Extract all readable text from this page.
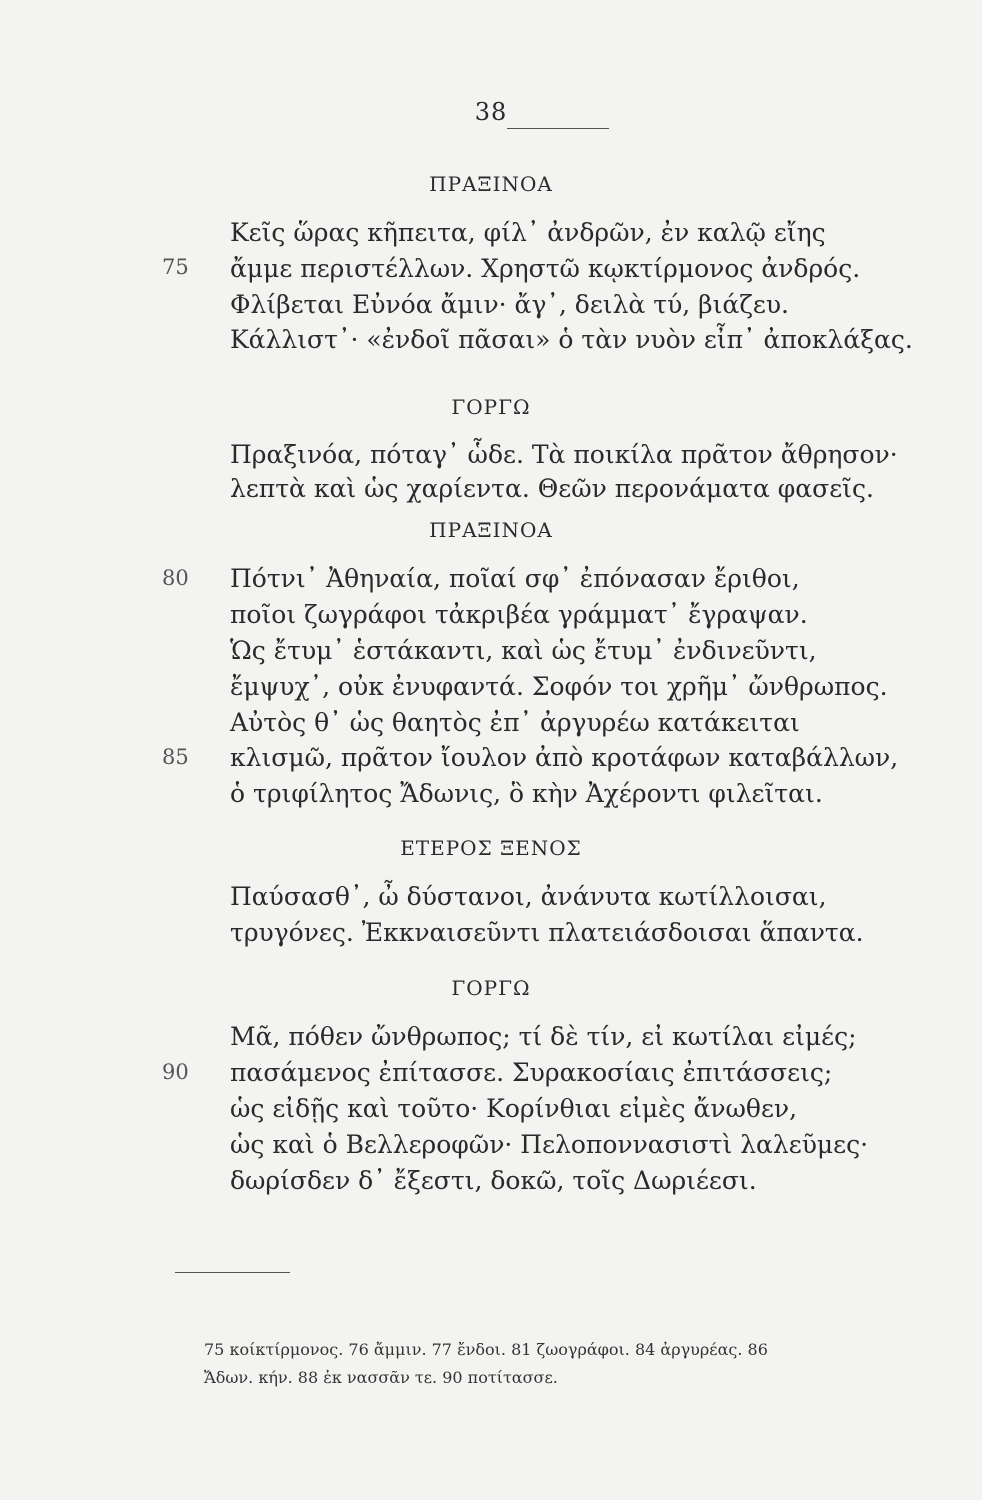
38
ΠΡΑΞΙΝΟΑ
Κεῖς ὥρας κῆπειτα, φίλ᾽ ἀνδρῶν, ἐν καλῷ εἴης
75 ἄμμε περιστέλλων. Χρηστῶ κῳκτίρμονος ἀνδρός.
Φλίβεται Εὐνόα ἄμιν· ἄγ᾽, δειλὰ τύ, βιάζευ.
Κάλλιστ᾽· «ἐνδοῖ πᾶσαι» ὁ τὰν νυὸν εἶπ᾽ ἀποκλάξας.
ΓΟΡΓΩ
Πραξινόα, πόταγ᾽ ὧδε. Τὰ ποικίλα πρᾶτον ἄθρησον·
λεπτὰ καὶ ὡς χαρίεντα. Θεῶν περονάματα φασεῖς.
ΠΡΑΞΙΝΟΑ
80 Πότνι᾽ Ἀθηναία, ποῖαί σφ᾽ ἐπόνασαν ἔριθοι,
ποῖοι ζωγράφοι τἀκριβέα γράμματ᾽ ἔγραψαν.
Ὡς ἔτυμ᾽ ἑστάκαντι, καὶ ὡς ἔτυμ᾽ ἐνδινεῦντι,
ἔμψυχ᾽, οὐκ ἐνυφαντά. Σοφόν τοι χρῆμ᾽ ὤνθρωπος.
Αὐτὸς θ᾽ ὡς θαητὸς ἐπ᾽ ἀργυρέω κατάκειται
85 κλισμῶ, πρᾶτον ἴουλον ἀπὸ κροτάφων καταβάλλων,
ὁ τριφίλητος Ἄδωνις, ὃ κὴν Ἀχέροντι φιλεῖται.
ΕΤΕΡΟΣ ΞΕΝΟΣ
Παύσασθ᾽, ὦ δύστανοι, ἀνάνυτα κωτίλλοισαι,
τρυγόνες. Ἐκκναισεῦντι πλατειάσδοισαι ἅπαντα.
ΓΟΡΓΩ
Μᾶ, πόθεν ὤνθρωπος; τί δὲ τίν, εἰ κωτίλαι εἰμές;
90 πασάμενος ἐπίτασσε. Συρακοσίαις ἐπιτάσσεις;
ὡς εἰδῇς καὶ τοῦτο· Κορίνθιαι εἰμὲς ἄνωθεν,
ὡς καὶ ὁ Βελλεροφῶν· Πελοποννασιστὶ λαλεῦμες·
δωρίσδεν δ᾽ ἔξεστι, δοκῶ, τοῖς Δωριέεσι.
75 κοίκτίρμονος. 76 ἄμμιν. 77 ἔνδοι. 81 ζωογράφοι. 84 ἀργυρέας. 86
Ἄδων. κήν. 88 ἐκ νασσᾶν τε. 90 ποτίτασσε.
